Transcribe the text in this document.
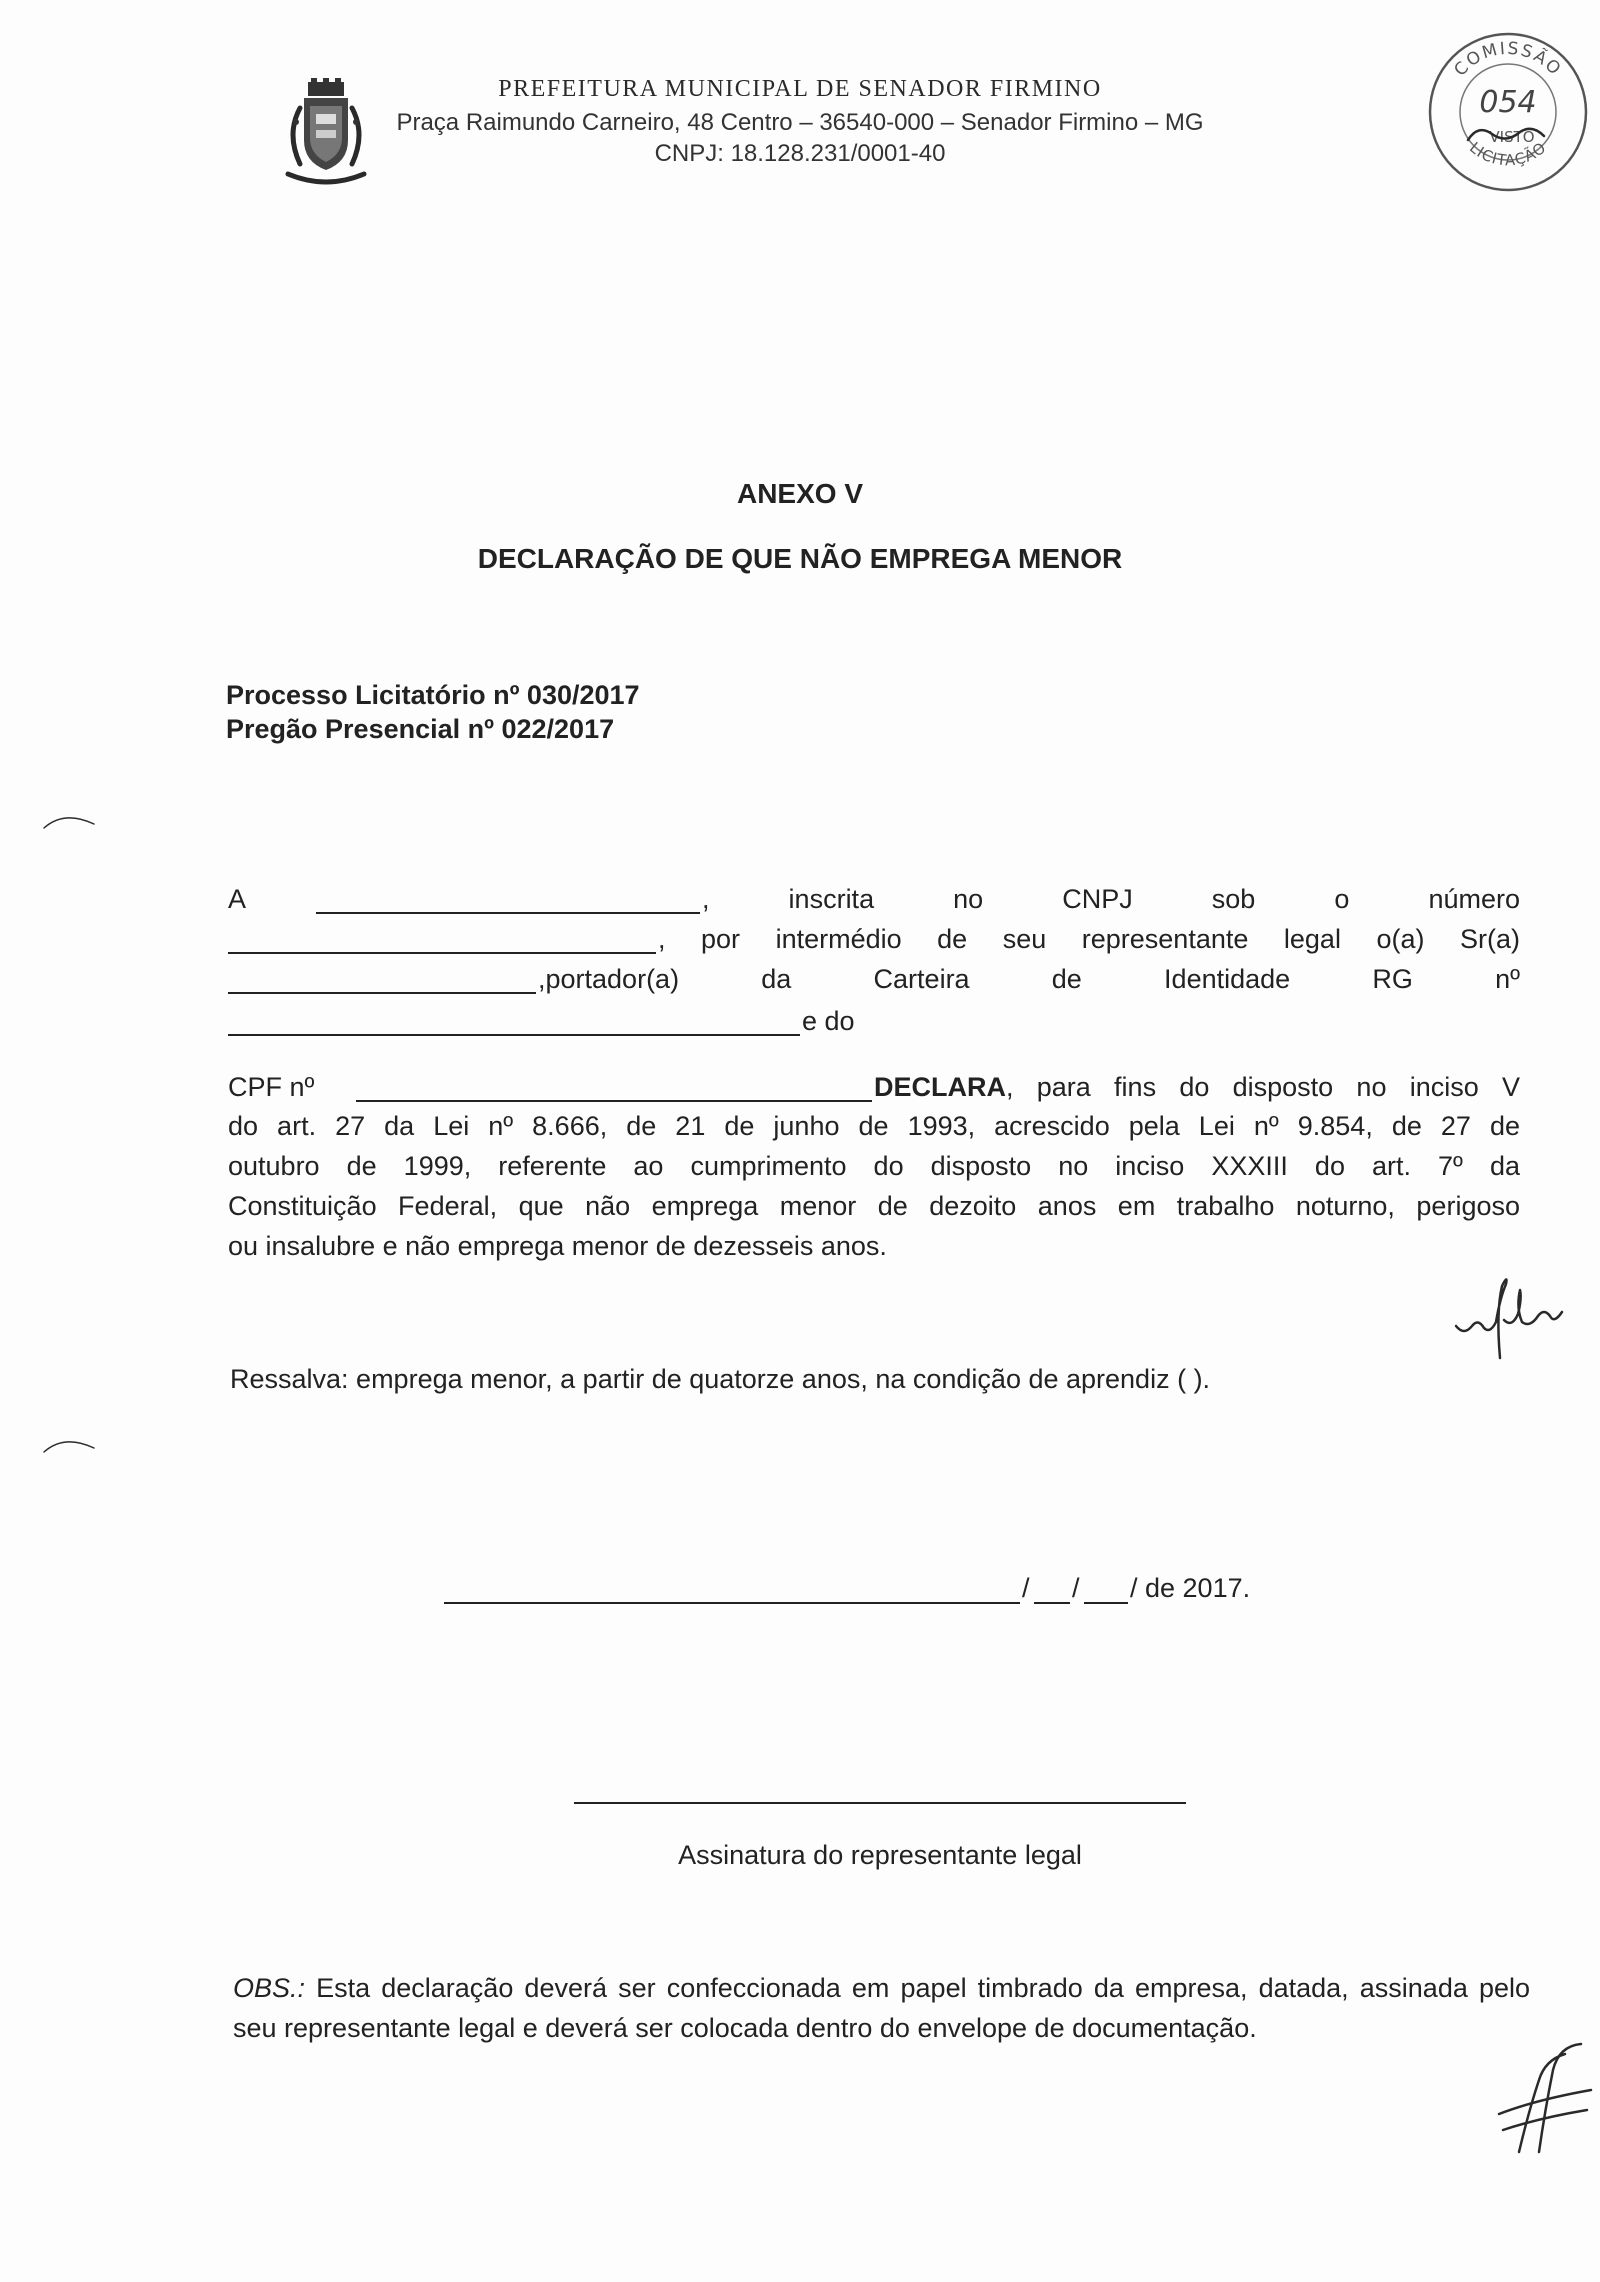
PREFEITURA MUNICIPAL DE SENADOR FIRMINO
Praça Raimundo Carneiro, 48 Centro – 36540-000 – Senador Firmino – MG
CNPJ: 18.128.231/0001-40
COMISSÃO
LICITAÇÃO
054
VISTO
ANEXO V
DECLARAÇÃO DE QUE NÃO EMPREGA MENOR
Processo Licitatório nº 030/2017
Pregão Presencial nº 022/2017
A	, inscrita no CNPJ sob o número
, por intermédio de seu representante legal o(a) Sr(a)
,portador(a) da Carteira de Identidade RG nº
e do
CPF nº	DECLARA, para fins do disposto no inciso V
do art. 27 da Lei nº 8.666, de 21 de junho de 1993, acrescido pela Lei nº 9.854, de 27 de
outubro de 1999, referente ao cumprimento do disposto no inciso XXXIII do art. 7º da
Constituição Federal, que não emprega menor de dezoito anos em trabalho noturno, perigoso
ou insalubre e não emprega menor de dezesseis anos.
Ressalva: emprega menor, a partir de quatorze anos, na condição de aprendiz ( ).
/ / / de 2017.
Assinatura do representante legal
OBS.: Esta declaração deverá ser confeccionada em papel timbrado da empresa, datada, assinada pelo seu representante legal e deverá ser colocada dentro do envelope de documentação.
